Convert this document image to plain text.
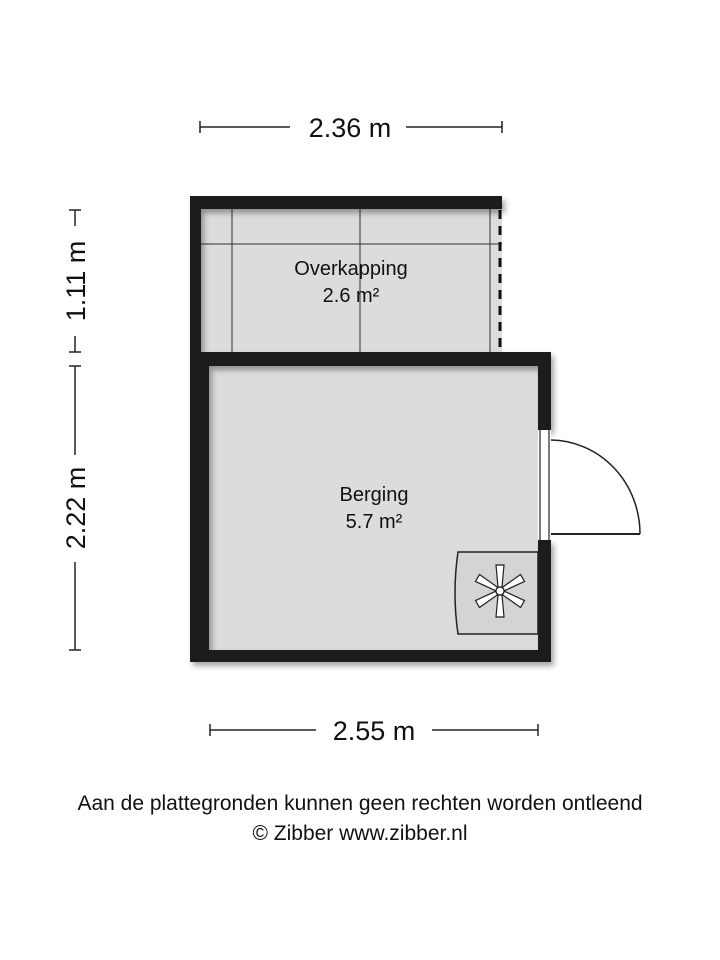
2.36 m
1.11 m
2.22 m
2.55 m
Overkapping
2.6 m²
Berging
5.7 m²
Aan de plattegronden kunnen geen rechten worden ontleend
© Zibber www.zibber.nl
